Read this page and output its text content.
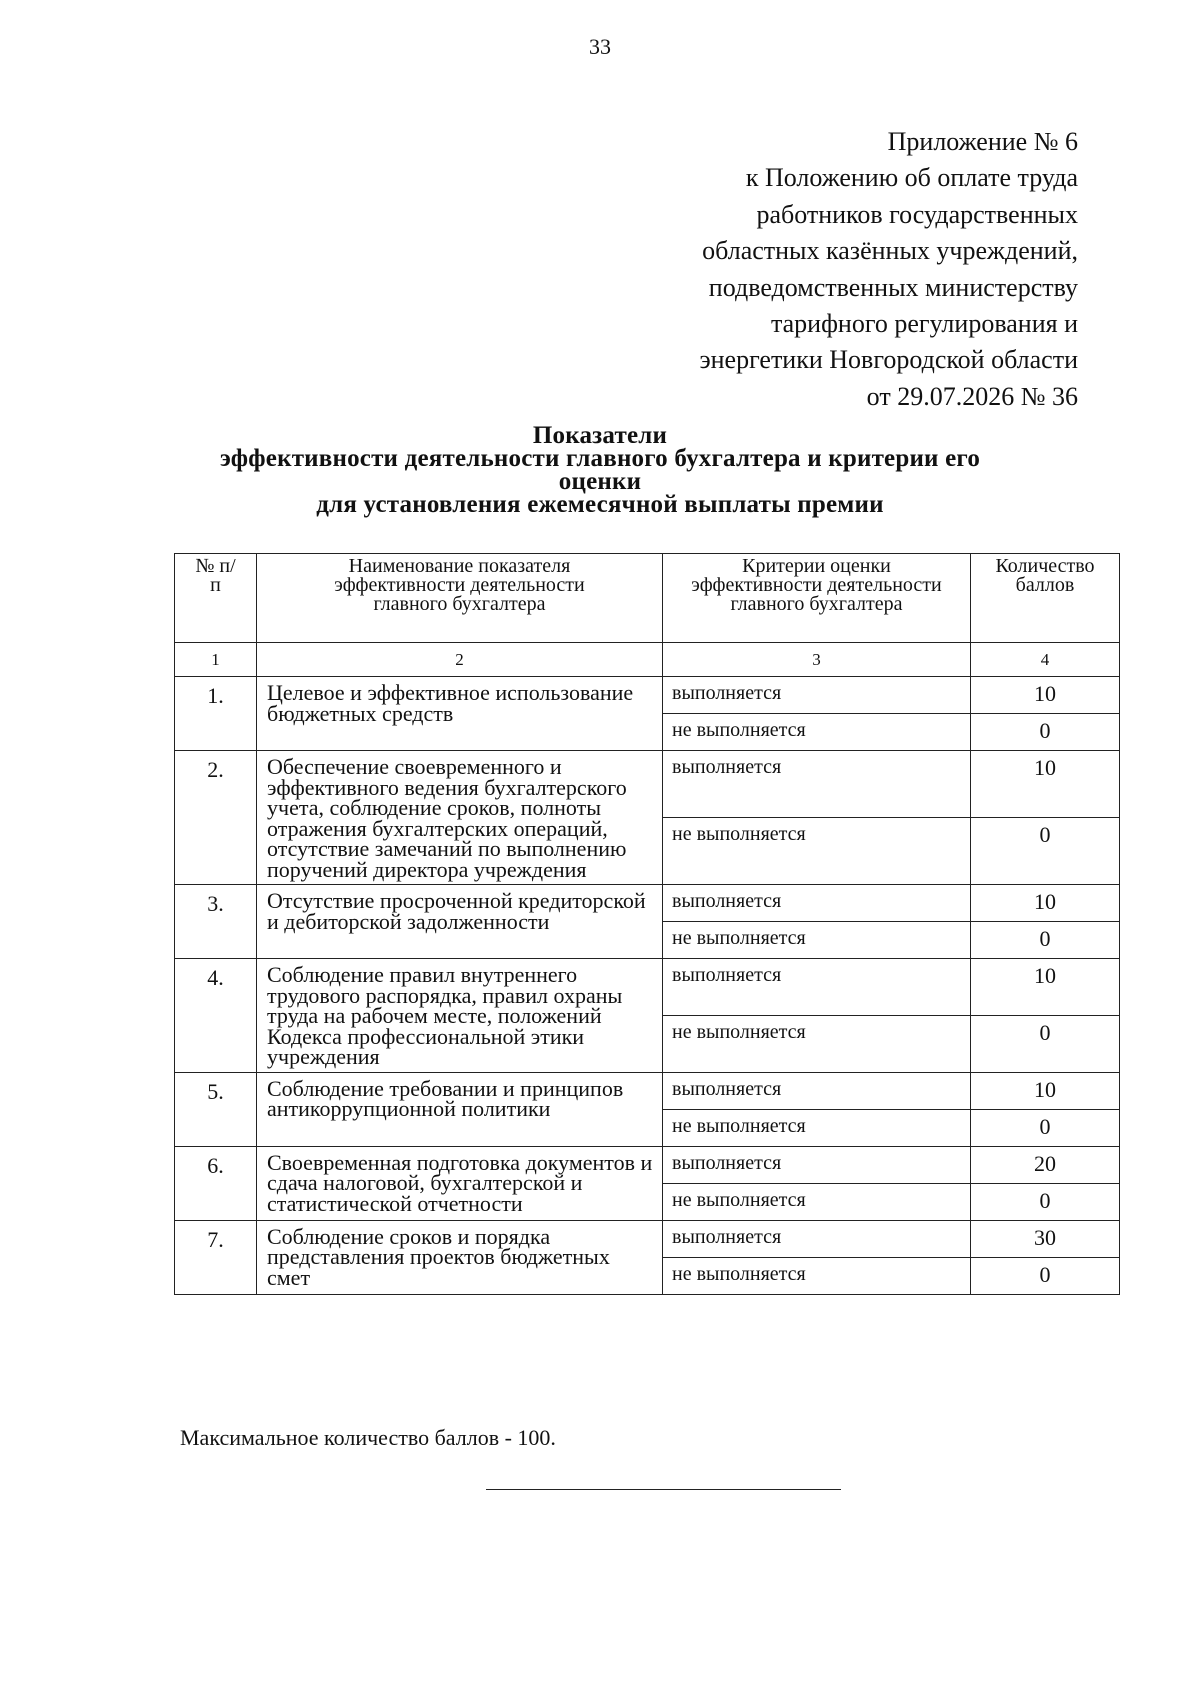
33
Приложение № 6
к Положению об оплате труда
работников государственных
областных казённых учреждений,
подведомственных министерству
тарифного регулирования и
энергетики Новгородской области
от 29.07.2026 № 36
Показатели
эффективности деятельности главного бухгалтера и критерии его
оценки
для установления ежемесячной выплаты премии
№ п/п	Наименование показателя эффективности деятельности главного бухгалтера	Критерии оценки эффективности деятельности главного бухгалтера	Количество баллов

1	2	3	4
1.	Целевое и эффективное использование бюджетных средств	выполняется	10
		не выполняется	0
2.	Обеспечение своевременного и эффективного ведения бухгалтерского учета, соблюдение сроков, полноты отражения бухгалтерских операций, отсутствие замечаний по выполнению поручений директора учреждения	выполняется	10
		не выполняется	0
3.	Отсутствие просроченной кредиторской и дебиторской задолженности	выполняется	10
		не выполняется	0
4.	Соблюдение правил внутреннего трудового распорядка, правил охраны труда на рабочем месте, положений Кодекса профессиональной этики учреждения	выполняется	10
		не выполняется	0
5.	Соблюдение требовании и принципов антикоррупционной политики	выполняется	10
		не выполняется	0
6.	Своевременная подготовка документов и сдача налоговой, бухгалтерской и статистической отчетности	выполняется	20
		не выполняется	0
7.	Соблюдение сроков и порядка представления проектов бюджетных смет	выполняется	30
		не выполняется	0
Максимальное количество баллов - 100.
